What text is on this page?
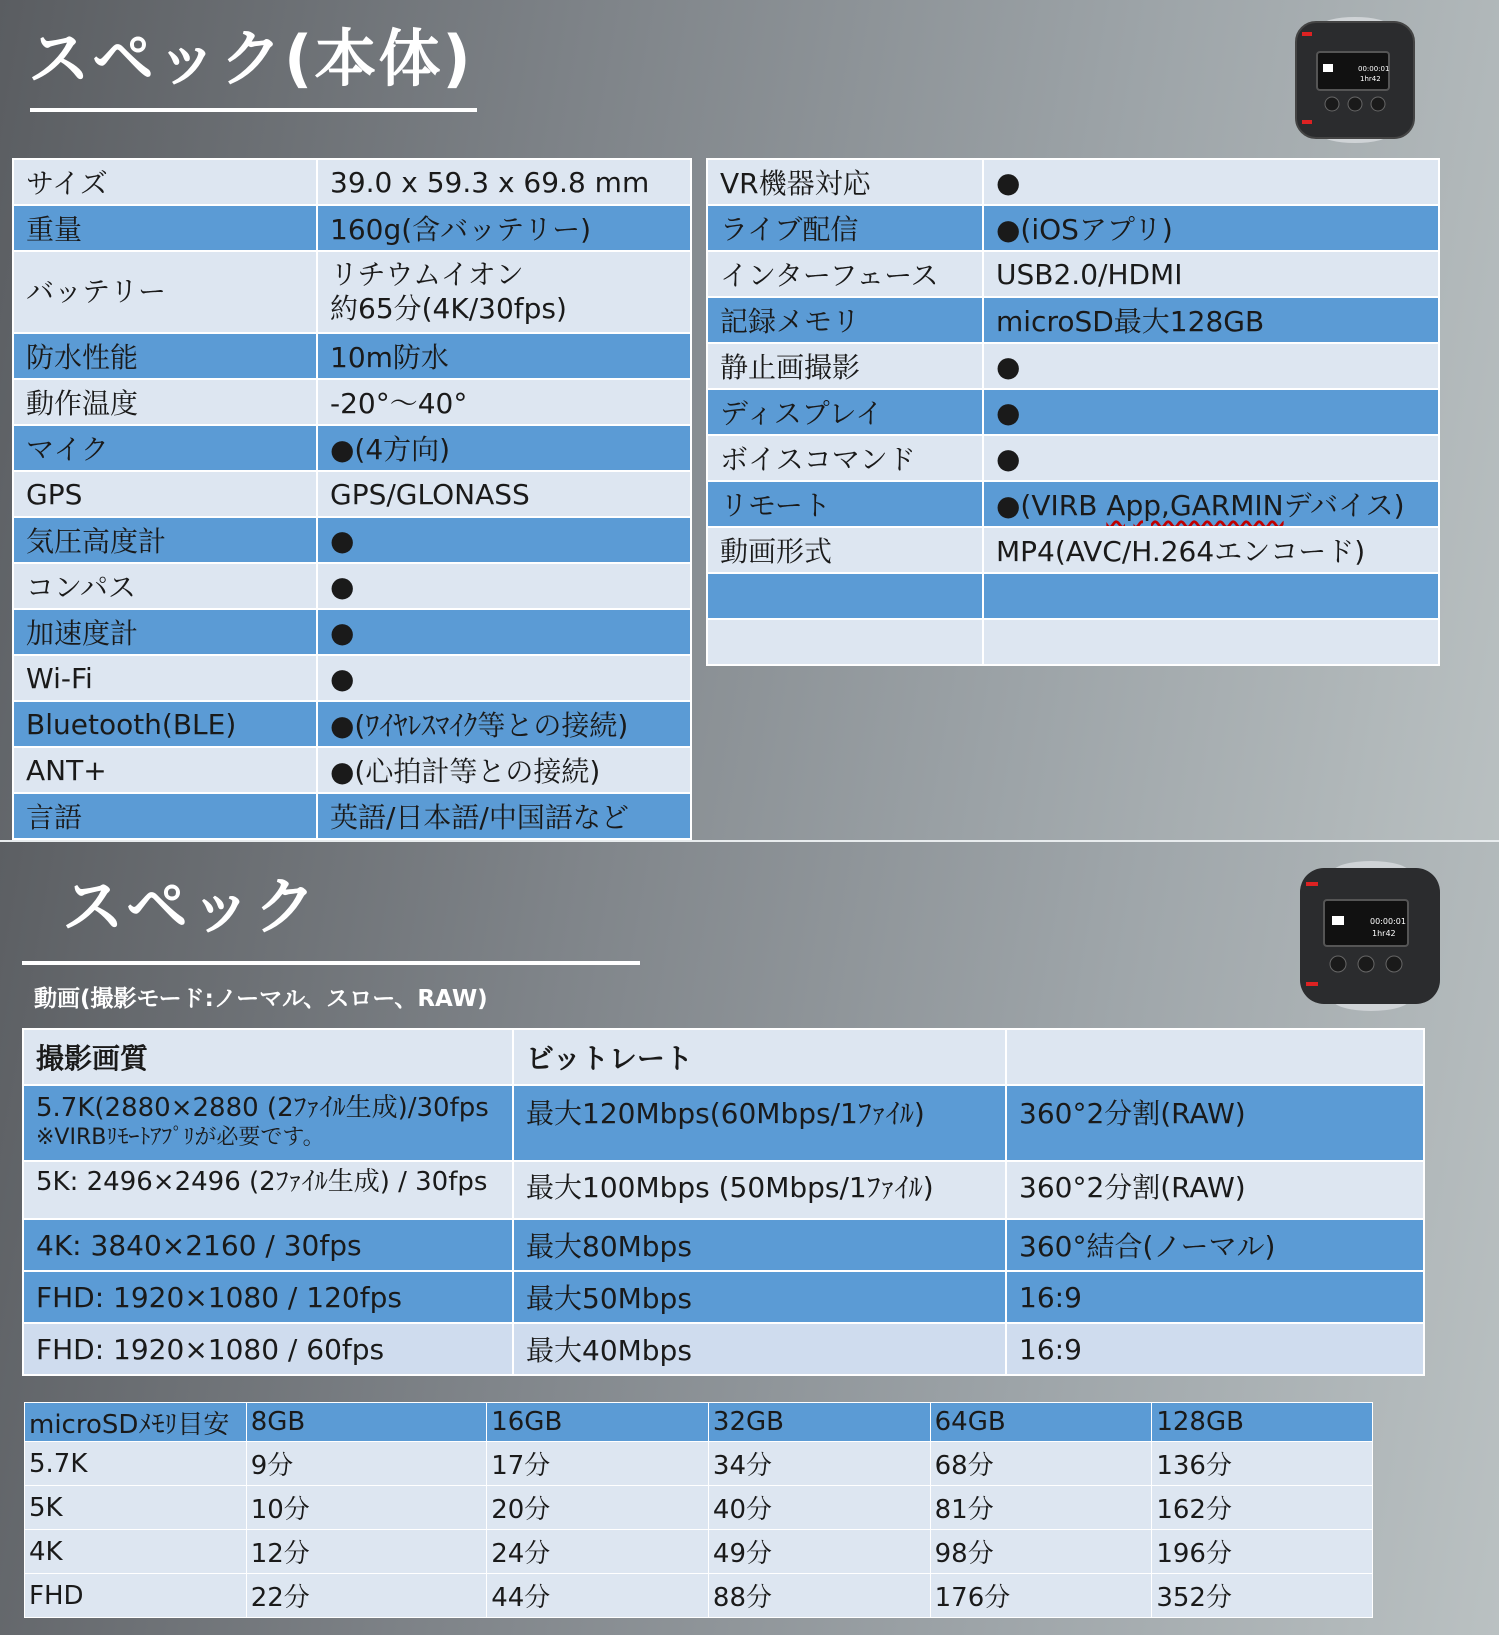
スペック(本体)	00:00:01
1hr42
サイズ	39.0 x 59.3 x 69.8 mm
重量	160g(含バッテリー)
バッテリー	リチウムイオン
約65分(4K/30fps)

防水性能	10m防水
動作温度	-20°～40°
マイク	●(4方向)
GPS	GPS/GLONASS
気圧高度計	●
コンパス	●
加速度計	●
Wi-Fi	●
Bluetooth(BLE)	●(ﾜｲﾔﾚｽﾏｲｸ等との接続)
ANT+	●(心拍計等との接続)
言語	英語/日本語/中国語など
VR機器対応	●
ライブ配信	●(iOSアプリ)
インターフェース	USB2.0/HDMI
記録メモリ	microSD最大128GB
静止画撮影	●
ディスプレイ	●
ボイスコマンド	●
リモート	●(VIRB App,GARMINデバイス)
動画形式	MP4(AVC/H.264エンコード)

スペック
動画(撮影モード:ノーマル、スロー、RAW)
00:00:01
1hr42
撮影画質	ビットレート	

5.7K(2880×2880 (2ﾌｧｲﾙ生成)/30fps
※VIRBﾘﾓｰﾄｱﾌﾟﾘが必要です。	最大120Mbps(60Mbps/1ﾌｧｲﾙ)	360°2分割(RAW)

5K: 2496×2496 (2ﾌｧｲﾙ生成) / 30fps	最大100Mbps (50Mbps/1ﾌｧｲﾙ)	360°2分割(RAW)
4K: 3840×2160 / 30fps	最大80Mbps	360°結合(ノーマル)
FHD: 1920×1080 / 120fps	最大50Mbps	16:9
FHD: 1920×1080 / 60fps	最大40Mbps	16:9
microSDﾒﾓﾘ目安	8GB	16GB	32GB	64GB	128GB
5.7K	9分	17分	34分	68分	136分
5K	10分	20分	40分	81分	162分
4K	12分	24分	49分	98分	196分
FHD	22分	44分	88分	176分	352分
